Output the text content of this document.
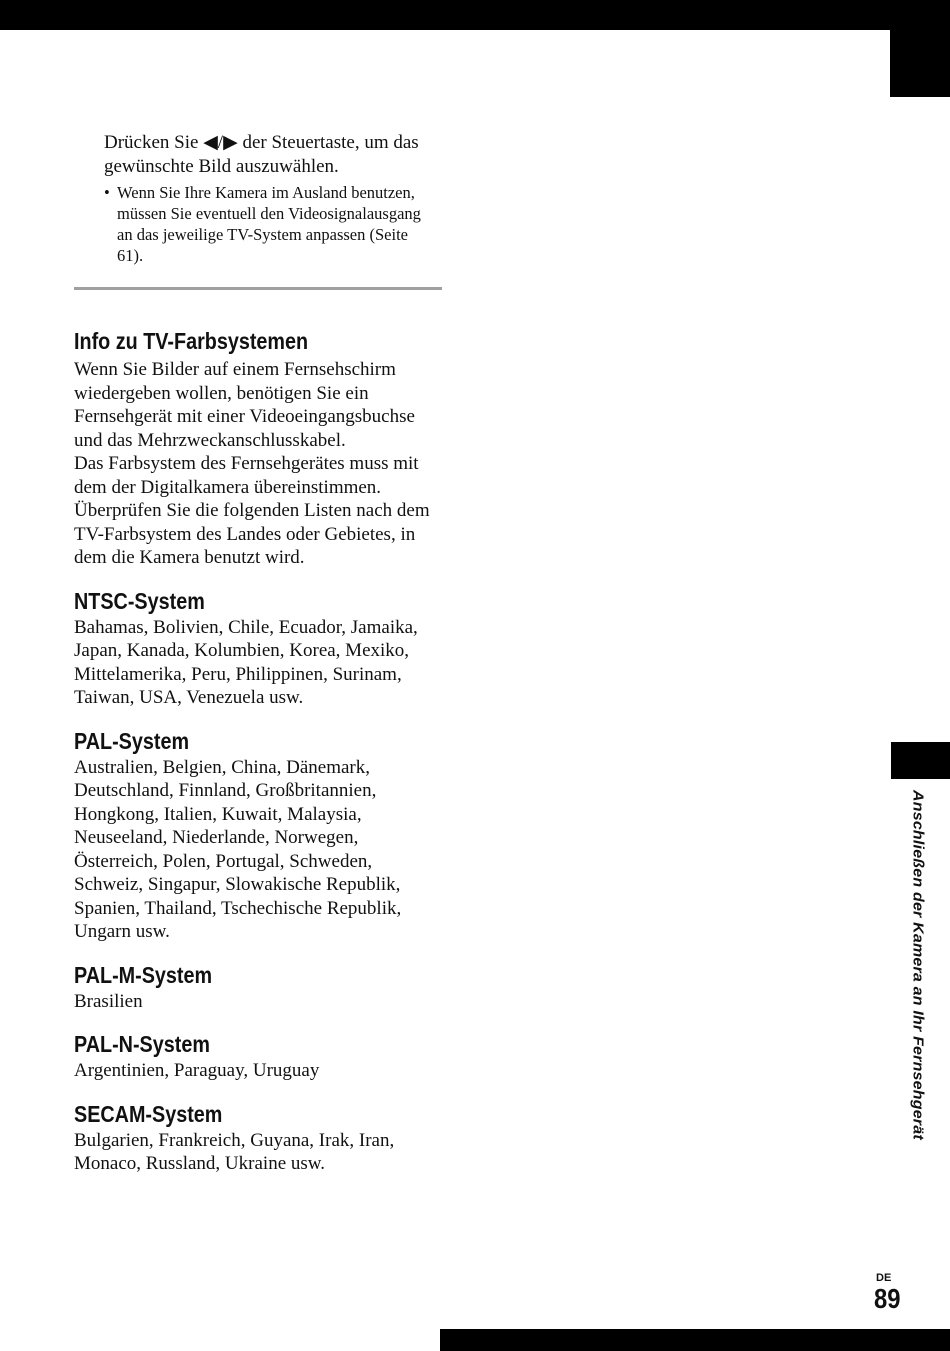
Anschließen der Kamera an Ihr Fernsehgerät

Drücken Sie ◀/▶ der Steuertaste, um das gewünschte Bild auszuwählen.

• Wenn Sie Ihre Kamera im Ausland benutzen, müssen Sie eventuell den Videosignalausgang an das jeweilige TV-System anpassen (Seite 61).
Info zu TV-Farbsystemen

Wenn Sie Bilder auf einem Fernsehschirm wiedergeben wollen, benötigen Sie ein Fernsehgerät mit einer Videoeingangsbuchse und das Mehrzweckanschlusskabel.

Das Farbsystem des Fernsehgerätes muss mit dem der Digitalkamera übereinstimmen. Überprüfen Sie die folgenden Listen nach dem TV-Farbsystem des Landes oder Gebietes, in dem die Kamera benutzt wird.

NTSC-System

Bahamas, Bolivien, Chile, Ecuador, Jamaika, Japan, Kanada, Kolumbien, Korea, Mexiko, Mittelamerika, Peru, Philippinen, Surinam, Taiwan, USA, Venezuela usw.

PAL-System

Australien, Belgien, China, Dänemark, Deutschland, Finnland, Großbritannien, Hongkong, Italien, Kuwait, Malaysia, Neuseeland, Niederlande, Norwegen, Österreich, Polen, Portugal, Schweden, Schweiz, Singapur, Slowakische Republik, Spanien, Thailand, Tschechische Republik, Ungarn usw.

PAL-M-System

Brasilien

PAL-N-System

Argentinien, Paraguay, Uruguay

SECAM-System

Bulgarien, Frankreich, Guyana, Irak, Iran, Monaco, Russland, Ukraine usw.

DE
89
